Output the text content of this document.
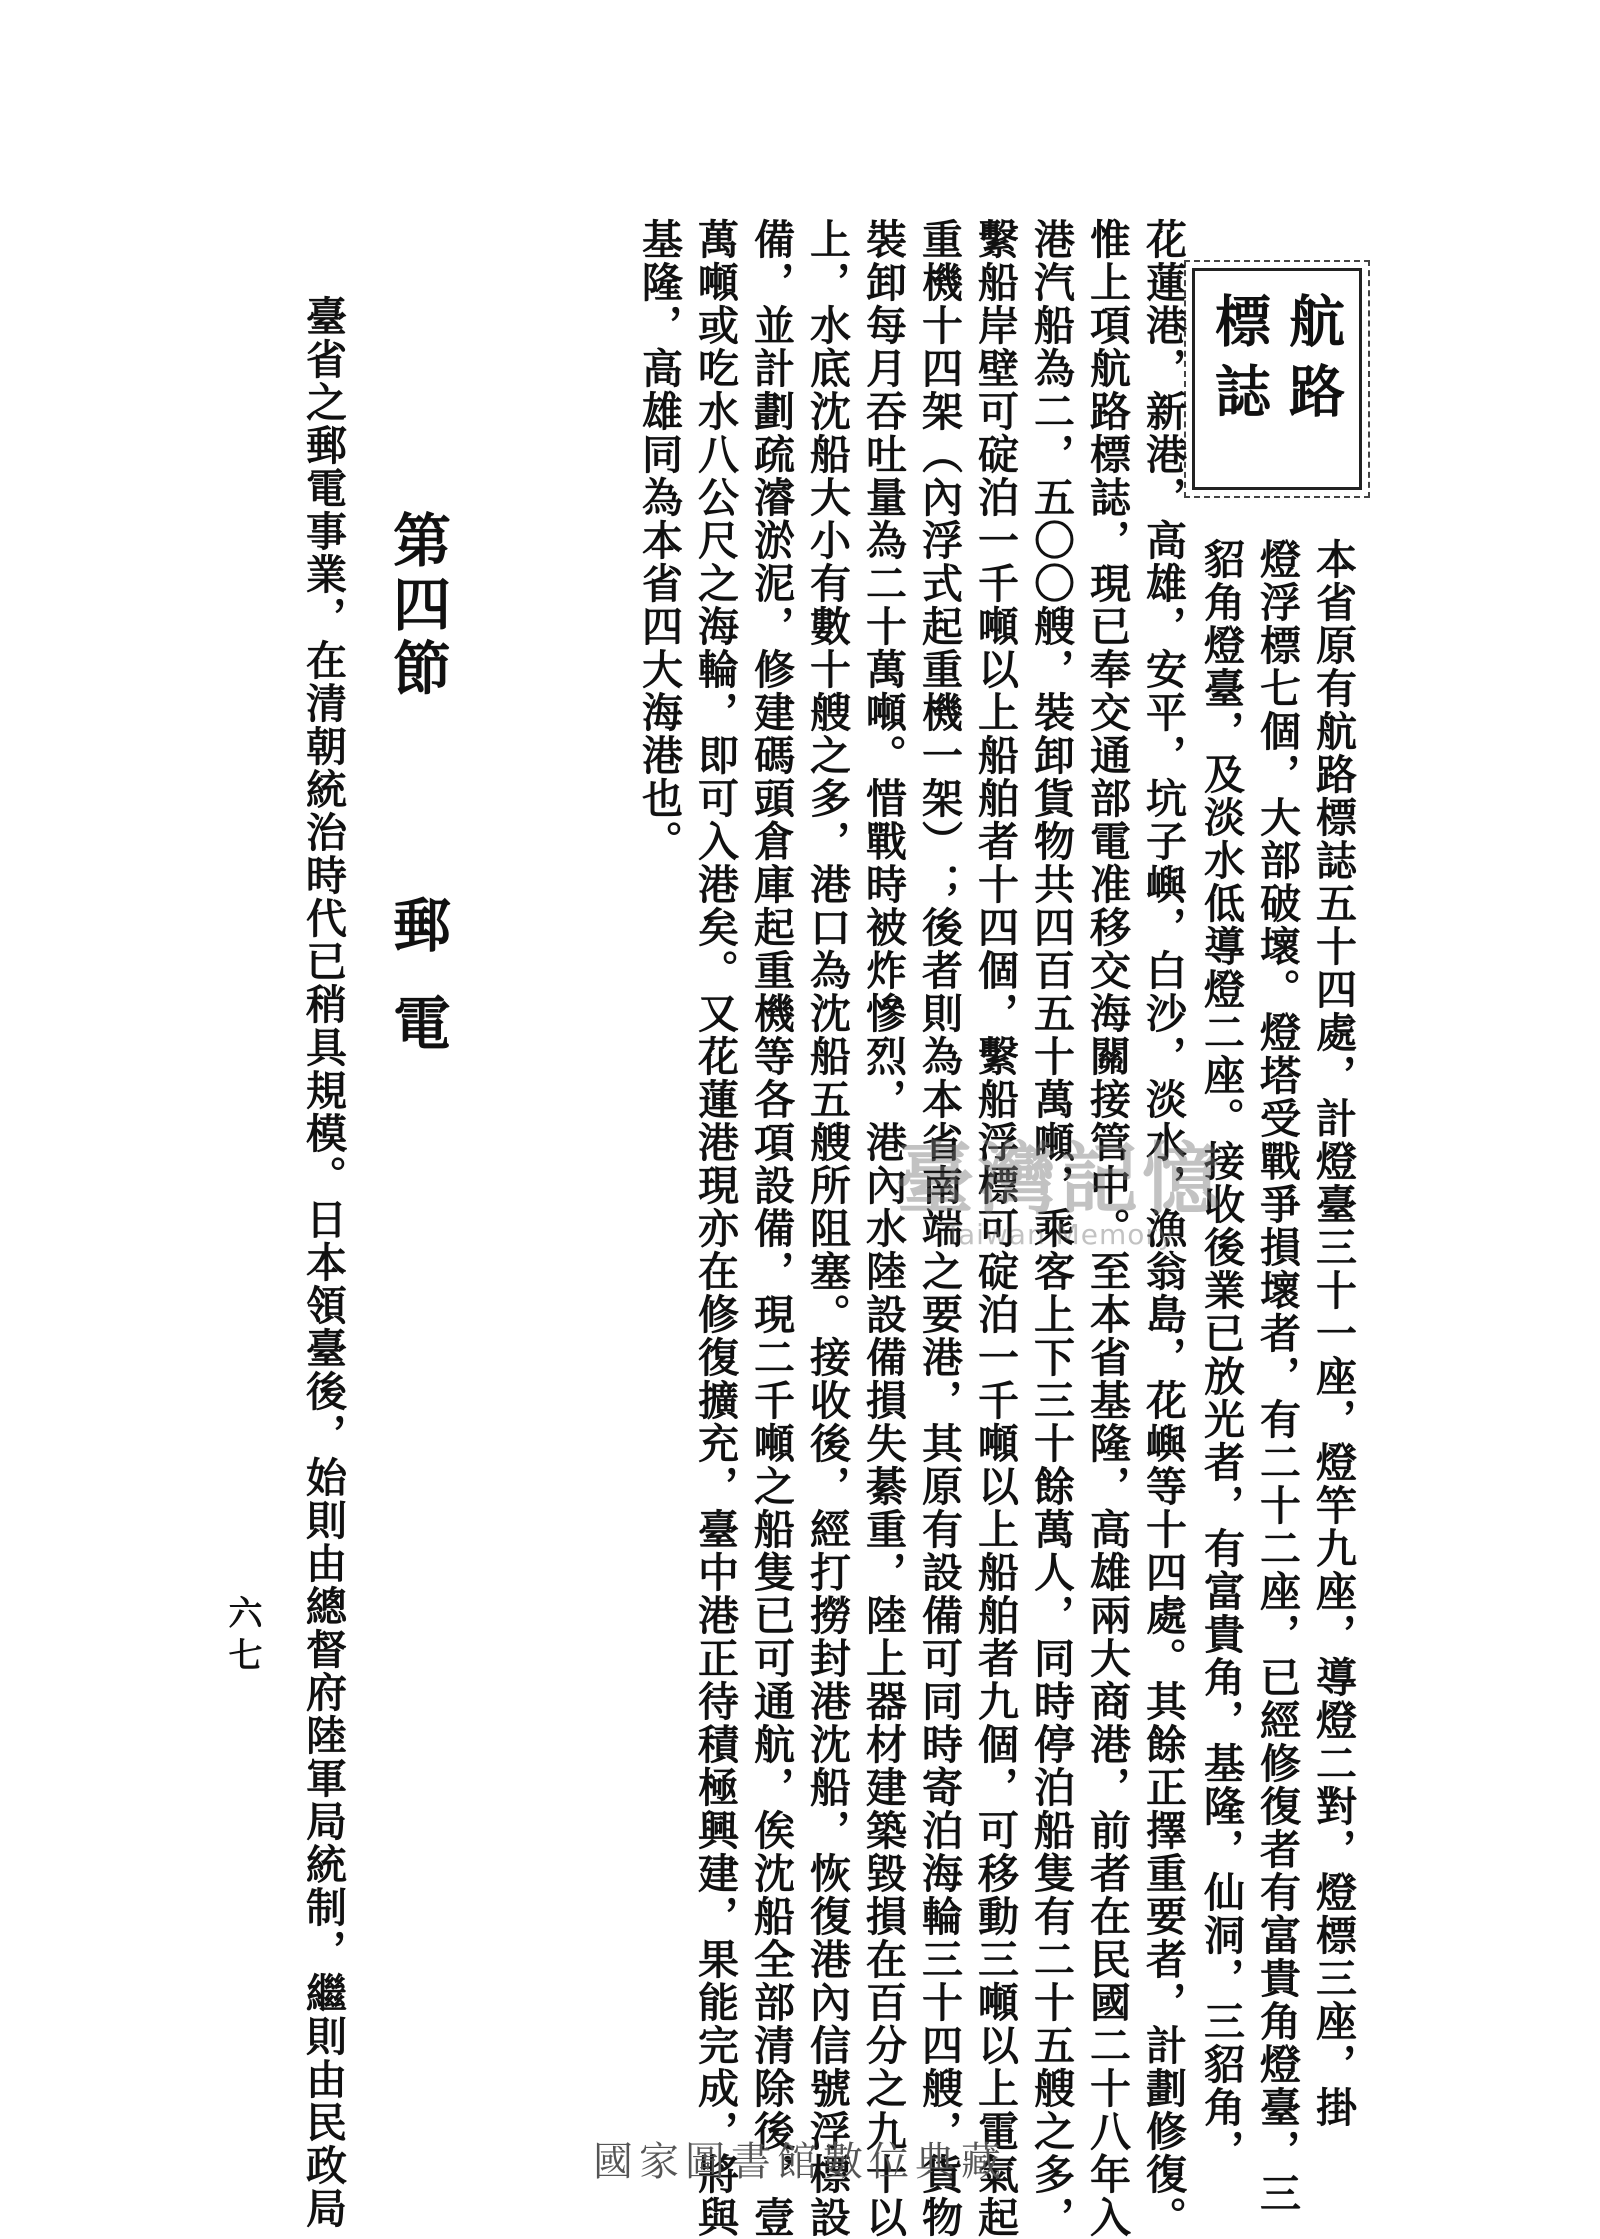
航路
標誌
本省原有航路標誌五十四處，計燈臺三十一座，燈竿九座，導燈二對，燈標三座，掛
燈浮標七個，大部破壞。燈塔受戰爭損壞者，有二十二座，已經修復者有富貴角燈臺，三
貂角燈臺，及淡水低導燈二座。接收後業已放光者，有富貴角，基隆，仙洞，三貂角，
花蓮港，新港，高雄，安平，坑子嶼，白沙，淡水，漁翁島，花嶼等十四處。其餘正擇重要者，計劃修復。
惟上項航路標誌，現已奉交通部電准移交海關接管中。至本省基隆，高雄兩大商港，前者在民國二十八年入
港汽船為二，五〇〇艘，裝卸貨物共四百五十萬噸，乘客上下三十餘萬人，同時停泊船隻有二十五艘之多，
繫船岸壁可碇泊一千噸以上船舶者十四個，繫船浮標可碇泊一千噸以上船舶者九個，可移動三噸以上電氣起
重機十四架（內浮式起重機一架）；後者則為本省南端之要港，其原有設備可同時寄泊海輪三十四艘，貨物
裝卸每月吞吐量為二十萬噸。惜戰時被炸慘烈，港內水陸設備損失綦重，陸上器材建築毀損在百分之九十以
上，水底沈船大小有數十艘之多，港口為沈船五艘所阻塞。接收後，經打撈封港沈船，恢復港內信號浮標設
備，並計劃疏濬淤泥，修建碼頭倉庫起重機等各項設備，現二千噸之船隻已可通航，俟沈船全部清除後，壹
萬噸或吃水八公尺之海輪，即可入港矣。又花蓮港現亦在修復擴充，臺中港正待積極興建，果能完成，將與
基隆，高雄同為本省四大海港也。
第四節
郵電
臺省之郵電事業，在清朝統治時代已稍具規模。日本領臺後，始則由總督府陸軍局統制，繼則由民政局
六七
臺灣記憶
Taiwan Memory
國家圖書館數位典藏
